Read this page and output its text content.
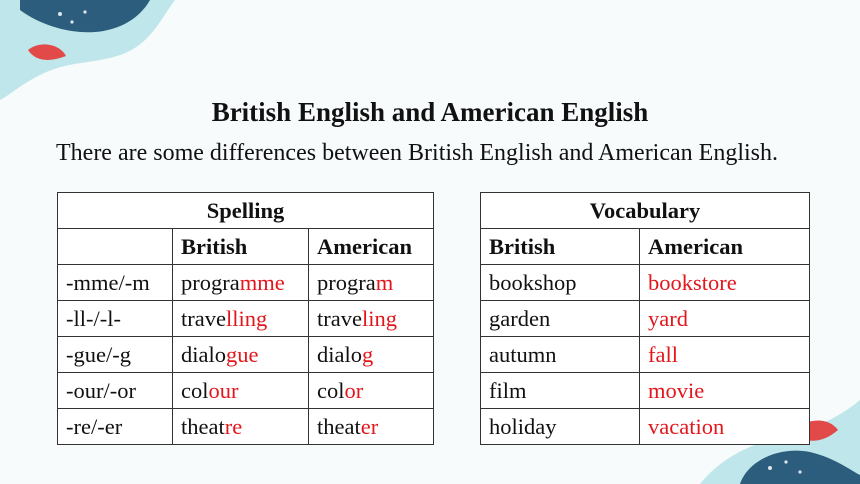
British English and American English
There are some differences between British English and American English.
Spelling		
	British	American
-mme/-m	programme	program
-ll-/-l-	travelling	traveling
-gue/-g	dialogue	dialog
-our/-or	colour	color
-re/-er	theatre	theater
Vocabulary	
British	American
bookshop	bookstore
garden	yard
autumn	fall
film	movie
holiday	vacation
